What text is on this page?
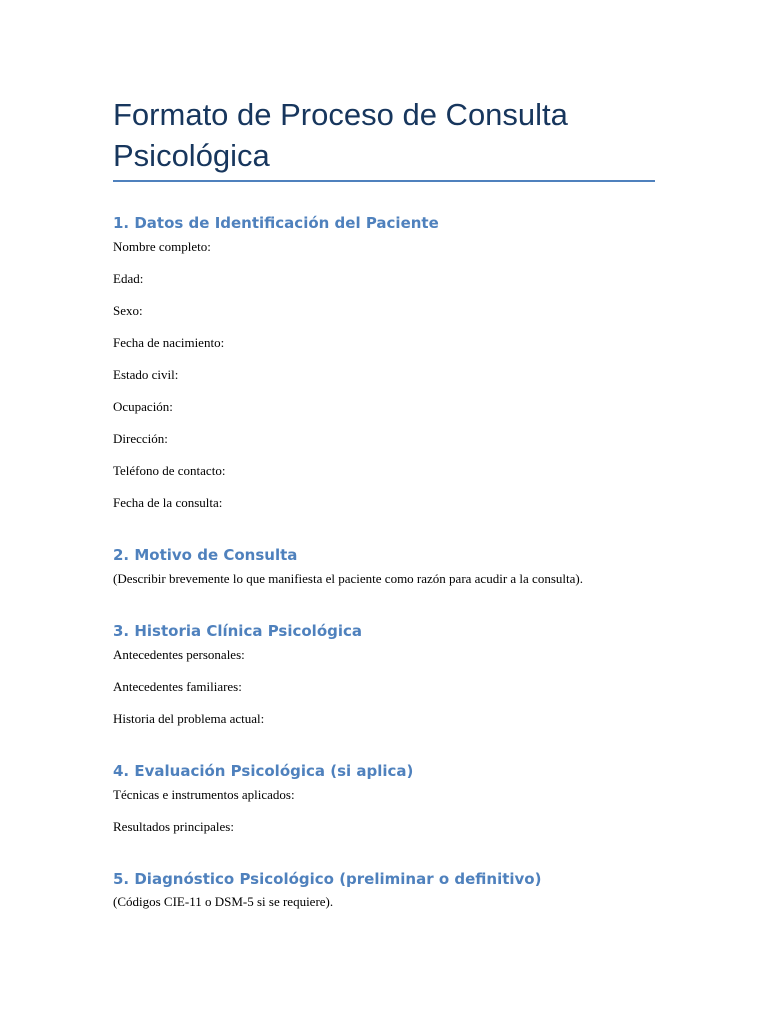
Formato de Proceso de Consulta
Psicológica
1. Datos de Identificación del Paciente

Nombre completo:

Edad:

Sexo:

Fecha de nacimiento:

Estado civil:

Ocupación:

Dirección:

Teléfono de contacto:

Fecha de la consulta:

2. Motivo de Consulta

(Describir brevemente lo que manifiesta el paciente como razón para acudir a la consulta).

3. Historia Clínica Psicológica

Antecedentes personales:

Antecedentes familiares:

Historia del problema actual:

4. Evaluación Psicológica (si aplica)

Técnicas e instrumentos aplicados:

Resultados principales:

5. Diagnóstico Psicológico (preliminar o definitivo)

(Códigos CIE-11 o DSM-5 si se requiere).
